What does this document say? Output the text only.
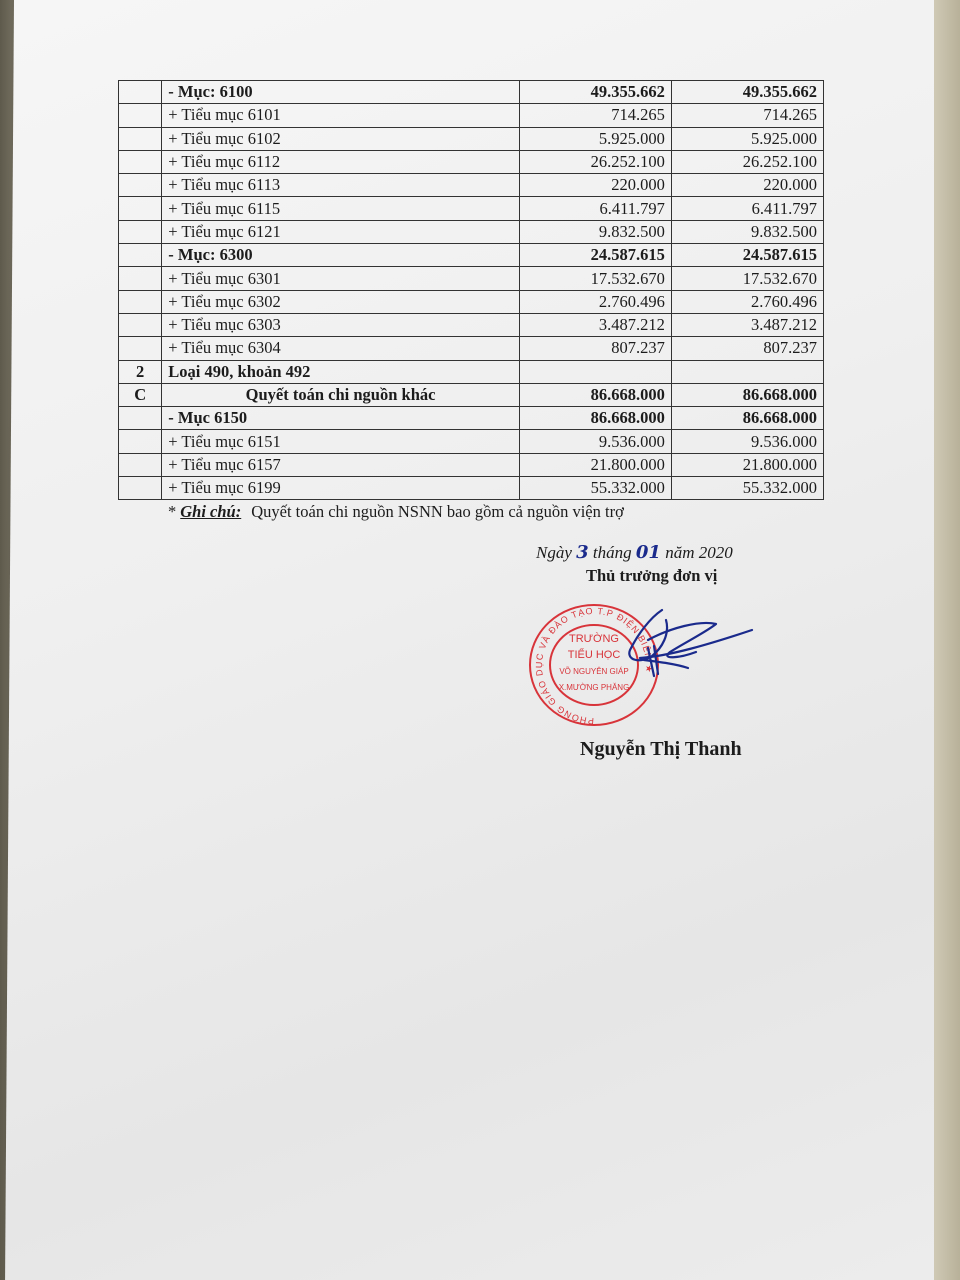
	- Mục: 6100	49.355.662	49.355.662
	+ Tiểu mục 6101	714.265	714.265
	+ Tiểu mục 6102	5.925.000	5.925.000
	+ Tiểu mục 6112	26.252.100	26.252.100
	+ Tiểu mục 6113	220.000	220.000
	+ Tiểu mục 6115	6.411.797	6.411.797
	+ Tiểu mục 6121	9.832.500	9.832.500
	- Mục: 6300	24.587.615	24.587.615
	+ Tiểu mục 6301	17.532.670	17.532.670
	+ Tiểu mục 6302	2.760.496	2.760.496
	+ Tiểu mục 6303	3.487.212	3.487.212
	+ Tiểu mục 6304	807.237	807.237
2	Loại 490, khoản 492		
C	Quyết toán chi nguồn khác	86.668.000	86.668.000
	- Mục 6150	86.668.000	86.668.000
	+ Tiểu mục 6151	9.536.000	9.536.000
	+ Tiểu mục 6157	21.800.000	21.800.000
	+ Tiểu mục 6199	55.332.000	55.332.000
* Ghi chú: Quyết toán chi nguồn NSNN bao gồm cả nguồn viện trợ
Ngày 3 tháng 01 năm 2020
Thủ trưởng đơn vị
PHÒNG GIÁO DỤC VÀ ĐÀO TẠO T.P ĐIỆN BIÊN ★
TRƯỜNG
TIỂU HỌC
VÕ NGUYÊN GIÁP
X.MƯỜNG PHĂNG
Nguyễn Thị Thanh
